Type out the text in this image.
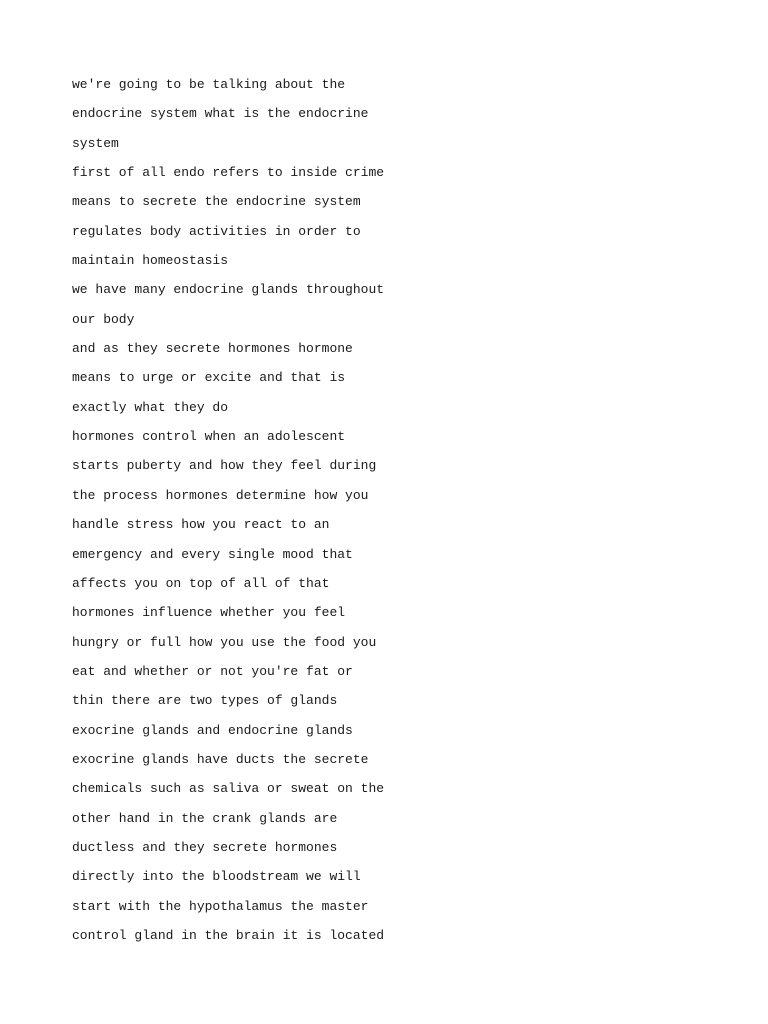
we're going to be talking about the
endocrine system what is the endocrine
system
first of all endo refers to inside crime
means to secrete the endocrine system
regulates body activities in order to
maintain homeostasis
we have many endocrine glands throughout
our body
and as they secrete hormones hormone
means to urge or excite and that is
exactly what they do
hormones control when an adolescent
starts puberty and how they feel during
the process hormones determine how you
handle stress how you react to an
emergency and every single mood that
affects you on top of all of that
hormones influence whether you feel
hungry or full how you use the food you
eat and whether or not you're fat or
thin there are two types of glands
exocrine glands and endocrine glands
exocrine glands have ducts the secrete
chemicals such as saliva or sweat on the
other hand in the crank glands are
ductless and they secrete hormones
directly into the bloodstream we will
start with the hypothalamus the master
control gland in the brain it is located
